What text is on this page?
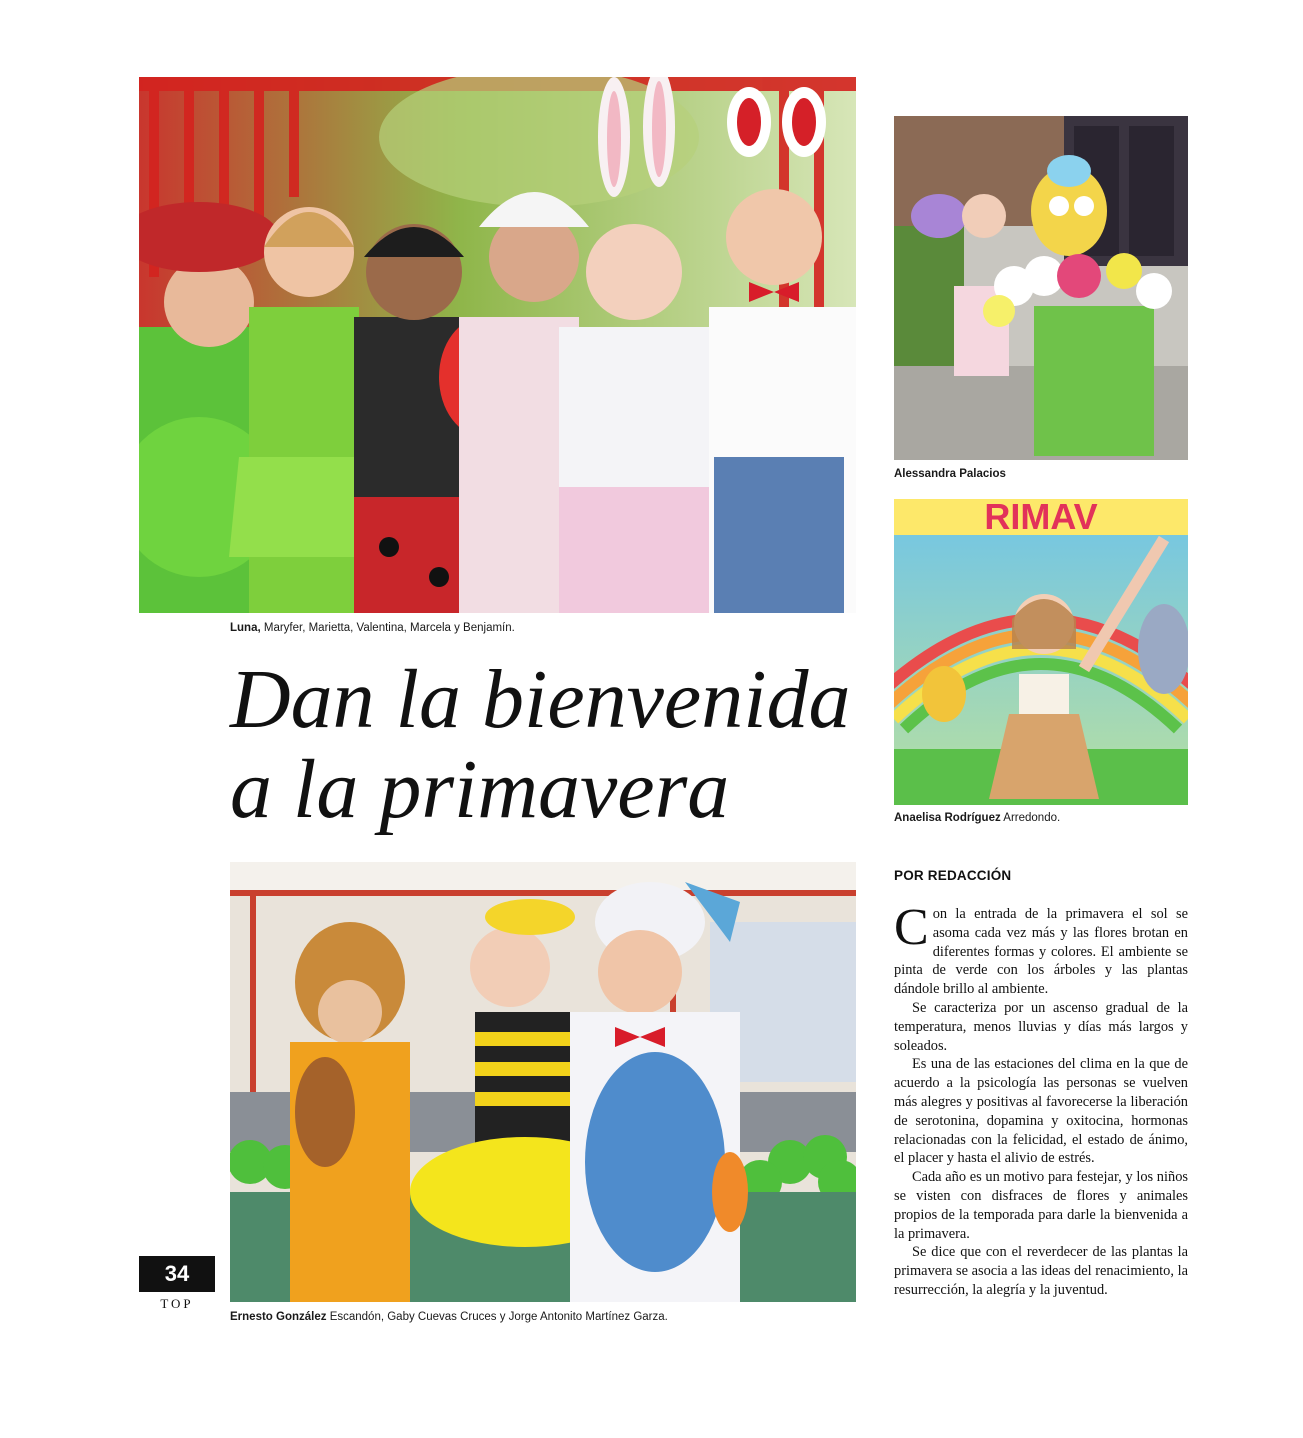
Luna, Maryfer, Marietta, Valentina, Marcela y Benjamín.
Alessandra Palacios
RIMAV
Anaelisa Rodríguez Arredondo.
Dan la bienvenida
a la primavera
Ernesto González Escandón, Gaby Cuevas Cruces y Jorge Antonito Martínez Garza.
POR REDACCIÓN

Con la entrada de la primavera el sol se asoma cada vez más y las flores brotan en diferentes formas y colores. El ambiente se pinta de verde con los árboles y las plantas dándole brillo al ambiente.

Se caracteriza por un ascenso gradual de la temperatura, menos lluvias y días más largos y soleados.

Es una de las estaciones del clima en la que de acuerdo a la psicología las personas se vuelven más alegres y positivas al favorecerse la liberación de serotonina, dopamina y oxitocina, hormonas relacionadas con la felicidad, el estado de ánimo, el placer y hasta el alivio de estrés.

Cada año es un motivo para festejar, y los niños se visten con disfraces de flores y animales propios de la temporada para darle la bienvenida a la primavera.

Se dice que con el reverdecer de las plantas la primavera se asocia a las ideas del renacimiento, la resurrección, la alegría y la juventud.

34
TOP
